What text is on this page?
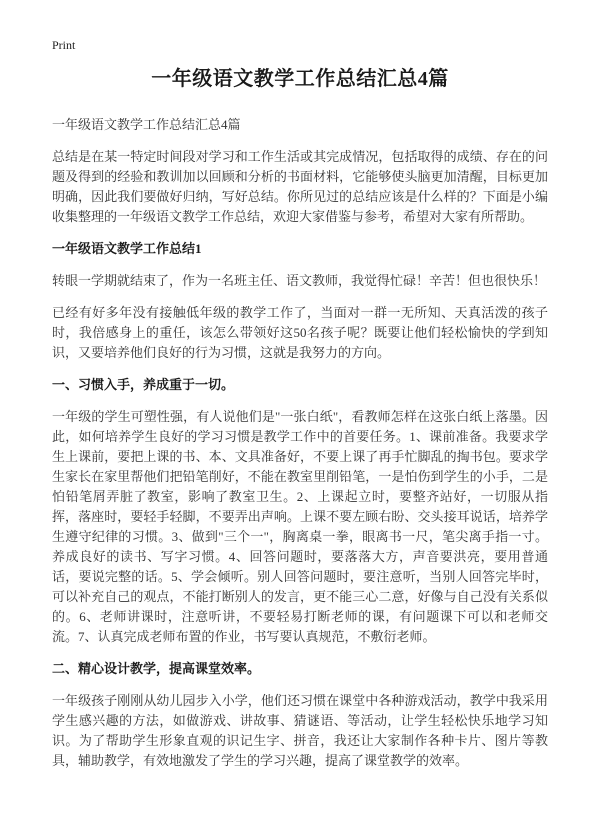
Print
一年级语文教学工作总结汇总4篇
一年级语文教学工作总结汇总4篇

总结是在某一特定时间段对学习和工作生活或其完成情况，包括取得的成绩、存在的问题及得到的经验和教训加以回顾和分析的书面材料，它能够使头脑更加清醒，目标更加明确，因此我们要做好归纳，写好总结。你所见过的总结应该是什么样的？下面是小编收集整理的一年级语文教学工作总结，欢迎大家借鉴与参考，希望对大家有所帮助。

一年级语文教学工作总结1

转眼一学期就结束了，作为一名班主任、语文教师，我觉得忙碌！辛苦！但也很快乐！

已经有好多年没有接触低年级的教学工作了，当面对一群一无所知、天真活泼的孩子时，我倍感身上的重任，该怎么带领好这50名孩子呢？既要让他们轻松愉快的学到知识，又要培养他们良好的行为习惯，这就是我努力的方向。

一、习惯入手，养成重于一切。

一年级的学生可塑性强，有人说他们是"一张白纸"，看教师怎样在这张白纸上落墨。因此，如何培养学生良好的学习习惯是教学工作中的首要任务。1、课前准备。我要求学生上课前，要把上课的书、本、文具准备好，不要上课了再手忙脚乱的掏书包。要求学生家长在家里帮他们把铅笔削好，不能在教室里削铅笔，一是怕伤到学生的小手，二是怕铅笔屑弄脏了教室，影响了教室卫生。2、上课起立时，要整齐站好，一切服从指挥，落座时，要轻手轻脚，不要弄出声响。上课不要左顾右盼、交头接耳说话，培养学生遵守纪律的习惯。3、做到"三个一"，胸离桌一拳，眼离书一尺，笔尖离手指一寸。养成良好的读书、写字习惯。4、回答问题时，要落落大方，声音要洪亮，要用普通话，要说完整的话。5、学会倾听。别人回答问题时，要注意听，当别人回答完毕时，可以补充自己的观点，不能打断别人的发言，更不能三心二意，好像与自己没有关系似的。6、老师讲课时，注意听讲，不要轻易打断老师的课，有问题课下可以和老师交流。7、认真完成老师布置的作业，书写要认真规范，不敷衍老师。

二、精心设计教学，提高课堂效率。

一年级孩子刚刚从幼儿园步入小学，他们还习惯在课堂中各种游戏活动，教学中我采用学生感兴趣的方法，如做游戏、讲故事、猜谜语、等活动，让学生轻松快乐地学习知识。为了帮助学生形象直观的识记生字、拼音，我还让大家制作各种卡片、图片等教具，辅助教学，有效地激发了学生的学习兴趣，提高了课堂教学的效率。
